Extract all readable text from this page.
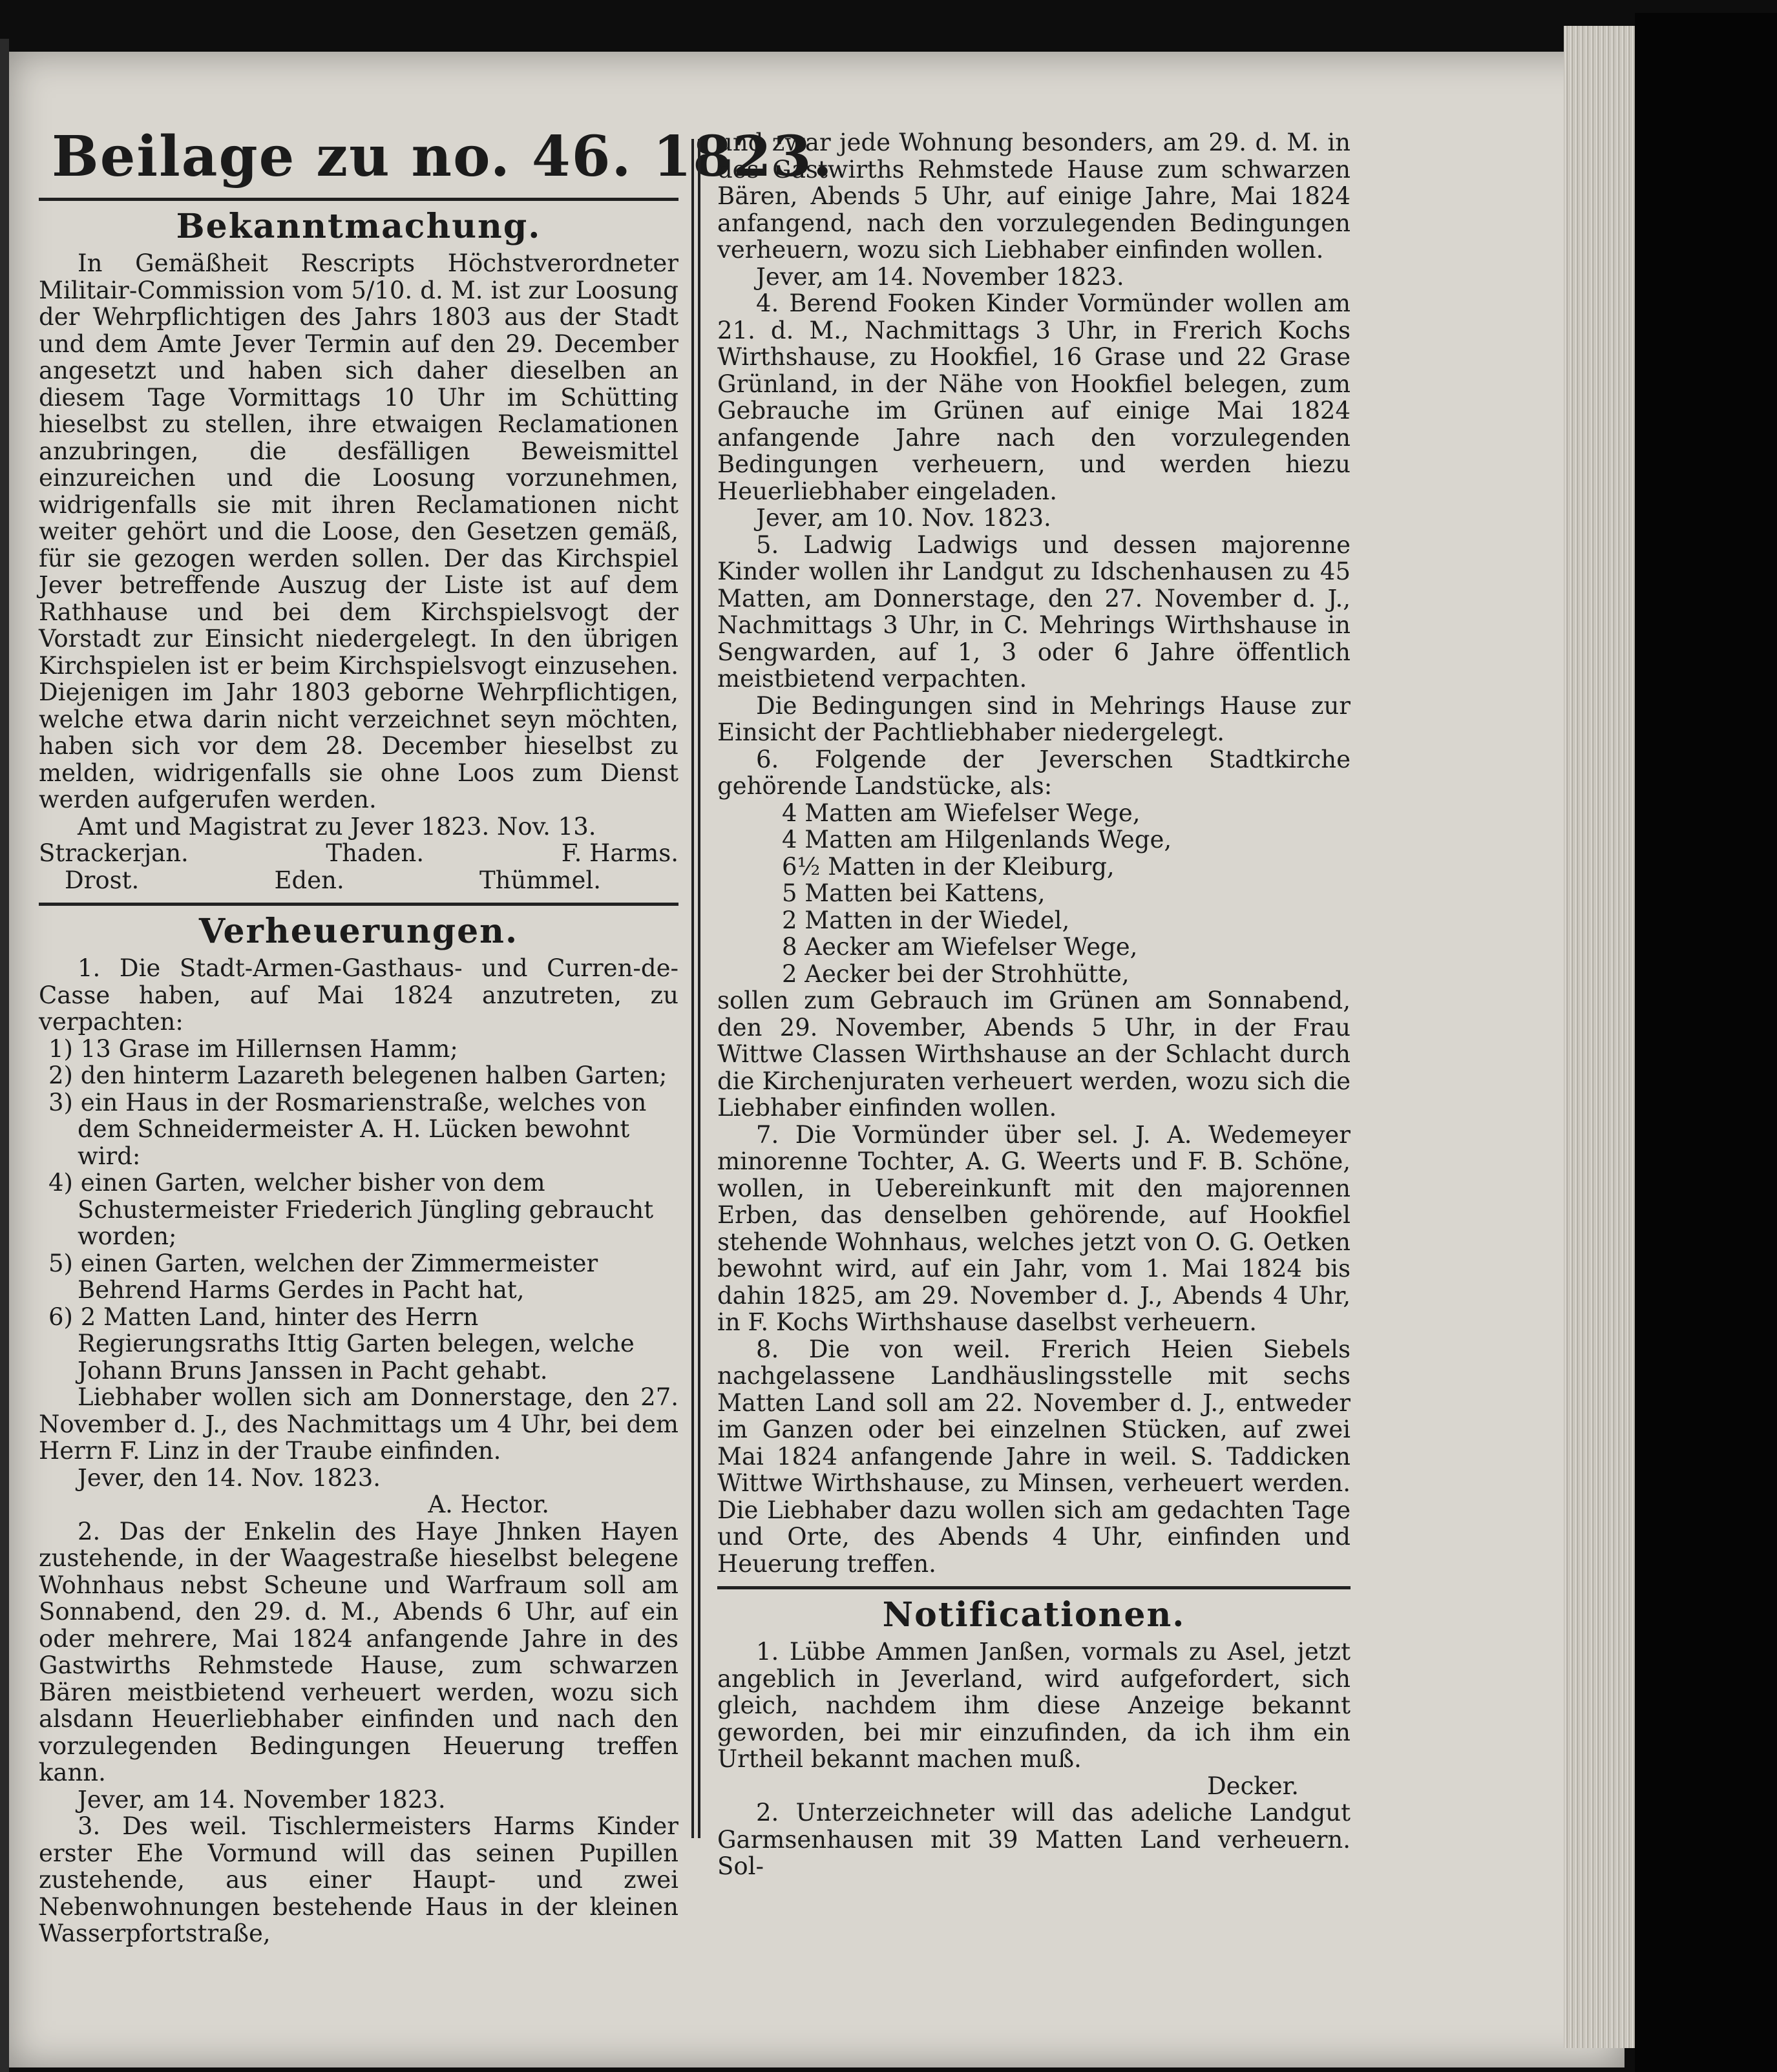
Beilage zu no. 46. 1823.
Bekanntmachung.

In Gemäßheit Rescripts Höchstverordneter Militair-Commission vom 5/10. d. M. ist zur Loosung der Wehrpflichtigen des Jahrs 1803 aus der Stadt und dem Amte Jever Termin auf den 29. December angesetzt und haben sich daher dieselben an diesem Tage Vormittags 10 Uhr im Schütting hieselbst zu stellen, ihre etwaigen Reclamationen anzubringen, die desfälligen Beweismittel einzureichen und die Loosung vorzunehmen, widrigenfalls sie mit ihren Reclamationen nicht weiter gehört und die Loose, den Gesetzen gemäß, für sie gezogen werden sollen. Der das Kirchspiel Jever betreffende Auszug der Liste ist auf dem Rathhause und bei dem Kirchspielsvogt der Vorstadt zur Einsicht niedergelegt. In den übrigen Kirchspielen ist er beim Kirchspielsvogt einzusehen. Diejenigen im Jahr 1803 geborne Wehrpflichtigen, welche etwa darin nicht verzeichnet seyn möchten, haben sich vor dem 28. December hieselbst zu melden, widrigenfalls sie ohne Loos zum Dienst werden aufgerufen werden.

Amt und Magistrat zu Jever 1823. Nov. 13.

Strackerjan.	Thaden.	F. Harms.
Drost.	Eden.	Thümmel.
Verheuerungen.

1. Die Stadt-Armen-Gasthaus- und Curren-de-Casse haben, auf Mai 1824 anzutreten, zu verpachten:

1) 13 Grase im Hillernsen Hamm;
2) den hinterm Lazareth belegenen halben Garten;
3) ein Haus in der Rosmarienstraße, welches von dem Schneidermeister A. H. Lücken bewohnt wird:
4) einen Garten, welcher bisher von dem Schustermeister Friederich Jüngling gebraucht worden;
5) einen Garten, welchen der Zimmermeister Behrend Harms Gerdes in Pacht hat,
6) 2 Matten Land, hinter des Herrn Regierungsraths Ittig Garten belegen, welche Johann Bruns Janssen in Pacht gehabt.

Liebhaber wollen sich am Donnerstage, den 27. November d. J., des Nachmittags um 4 Uhr, bei dem Herrn F. Linz in der Traube einfinden.

Jever, den 14. Nov. 1823.

A. Hector.

2. Das der Enkelin des Haye Jhnken Hayen zustehende, in der Waagestraße hieselbst belegene Wohnhaus nebst Scheune und Warfraum soll am Sonnabend, den 29. d. M., Abends 6 Uhr, auf ein oder mehrere, Mai 1824 anfangende Jahre in des Gastwirths Rehmstede Hause, zum schwarzen Bären meistbietend verheuert werden, wozu sich alsdann Heuerliebhaber einfinden und nach den vorzulegenden Bedingungen Heuerung treffen kann.

Jever, am 14. November 1823.

3. Des weil. Tischlermeisters Harms Kinder erster Ehe Vormund will das seinen Pupillen zustehende, aus einer Haupt- und zwei Nebenwohnungen bestehende Haus in der kleinen Wasserpfortstraße,

und zwar jede Wohnung besonders, am 29. d. M. in des Gastwirths Rehmstede Hause zum schwarzen Bären, Abends 5 Uhr, auf einige Jahre, Mai 1824 anfangend, nach den vorzulegenden Bedingungen verheuern, wozu sich Liebhaber einfinden wollen.

Jever, am 14. November 1823.

4. Berend Fooken Kinder Vormünder wollen am 21. d. M., Nachmittags 3 Uhr, in Frerich Kochs Wirthshause, zu Hookfiel, 16 Grase und 22 Grase Grünland, in der Nähe von Hookfiel belegen, zum Gebrauche im Grünen auf einige Mai 1824 anfangende Jahre nach den vorzulegenden Bedingungen verheuern, und werden hiezu Heuerliebhaber eingeladen.

Jever, am 10. Nov. 1823.

5. Ladwig Ladwigs und dessen majorenne Kinder wollen ihr Landgut zu Idschenhausen zu 45 Matten, am Donnerstage, den 27. November d. J., Nachmittags 3 Uhr, in C. Mehrings Wirthshause in Sengwarden, auf 1, 3 oder 6 Jahre öffentlich meistbietend verpachten.

Die Bedingungen sind in Mehrings Hause zur Einsicht der Pachtliebhaber niedergelegt.

6. Folgende der Jeverschen Stadtkirche gehörende Landstücke, als:

4 Matten am Wiefelser Wege,
4 Matten am Hilgenlands Wege,
6½ Matten in der Kleiburg,
5 Matten bei Kattens,
2 Matten in der Wiedel,
8 Aecker am Wiefelser Wege,
2 Aecker bei der Strohhütte,

sollen zum Gebrauch im Grünen am Sonnabend, den 29. November, Abends 5 Uhr, in der Frau Wittwe Classen Wirthshause an der Schlacht durch die Kirchenjuraten verheuert werden, wozu sich die Liebhaber einfinden wollen.

7. Die Vormünder über sel. J. A. Wedemeyer minorenne Tochter, A. G. Weerts und F. B. Schöne, wollen, in Uebereinkunft mit den majorennen Erben, das denselben gehörende, auf Hookfiel stehende Wohnhaus, welches jetzt von O. G. Oetken bewohnt wird, auf ein Jahr, vom 1. Mai 1824 bis dahin 1825, am 29. November d. J., Abends 4 Uhr, in F. Kochs Wirthshause daselbst verheuern.

8. Die von weil. Frerich Heien Siebels nachgelassene Landhäuslingsstelle mit sechs Matten Land soll am 22. November d. J., entweder im Ganzen oder bei einzelnen Stücken, auf zwei Mai 1824 anfangende Jahre in weil. S. Taddicken Wittwe Wirthshause, zu Minsen, verheuert werden. Die Liebhaber dazu wollen sich am gedachten Tage und Orte, des Abends 4 Uhr, einfinden und Heuerung treffen.

Notificationen.

1. Lübbe Ammen Janßen, vormals zu Asel, jetzt angeblich in Jeverland, wird aufgefordert, sich gleich, nachdem ihm diese Anzeige bekannt geworden, bei mir einzufinden, da ich ihm ein Urtheil bekannt machen muß.

Decker.

2. Unterzeichneter will das adeliche Landgut Garmsenhausen mit 39 Matten Land verheuern. Sol-
